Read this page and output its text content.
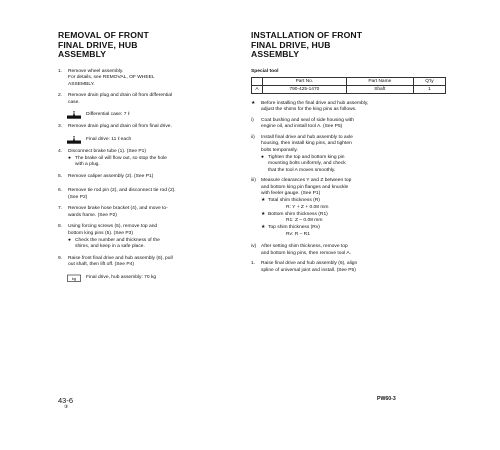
REMOVAL OF FRONT
FINAL DRIVE, HUB
ASSEMBLY
1.	Remove wheel assembly.
For details, see REMOVAL, OF WHEEL
ASSEMBLY.
2.	Remove drain plug and drain oil from differential
case.
Differential case: 7 ℓ
3.	Remove drain plug and drain oil from final drive.
Final drive: 11 ℓ each
4.	Disconnect brake tube (1). (See P1)
● The brake oil will flow out, so stop the hole
with a plug.
5.	Remove caliper assembly (2). (See P1)
6.	Remove tie rod pin (2), and disconnect tie rod (2).
(See P2)
7.	Remove brake hose bracket (4), and move to-
wards frame. (See P2)
8.	Using forcing screws (5), remove top and
bottom king pins (5). (See P3)
● Check the number and thickness of the
shims, and keep in a safe place.
9.	Raise front final drive and hub assembly (6), pull
out shaft, then lift off. (See P4)
kg Final drive, hub assembly: 70 kg
INSTALLATION OF FRONT
FINAL DRIVE, HUB
ASSEMBLY
Special tool
	Part No.	Part Name	Q'ty
A	790-425-1470	Shaft	1
★	Before installing the final drive and hub assembly,
adjust the shims for the king pins as follows.
i)	Coat bushing and seal of side housing with
engine oil, and install tool A. (See P5)
ii)	Install final drive and hub assembly to axle
housing, then install king pins, and tighten
bolts temporarily.
● Tighten the top and bottom king pin
mounting bolts uniformly, and check
that the tool A moves smoothly.
iii)	Measure clearances Y and Z between top
and bottom king pin flanges and knuckle
with feeler gauge. (See P1)
★ Total shim thickness (R)
R: Y + Z + 0.08 mm
★ Bottom shim thickness (R1)
R1: Z – 0.08 mm
★ Top shim thickness (Rv)
Rv: R – R1
iv) After setting shim thickness, remove top
and bottom king pins, then remove tool A.
1.	Raise final drive and hub assembly (6), align
spline of universal joint and install. (See P5)
43-6
③
PW60-3
